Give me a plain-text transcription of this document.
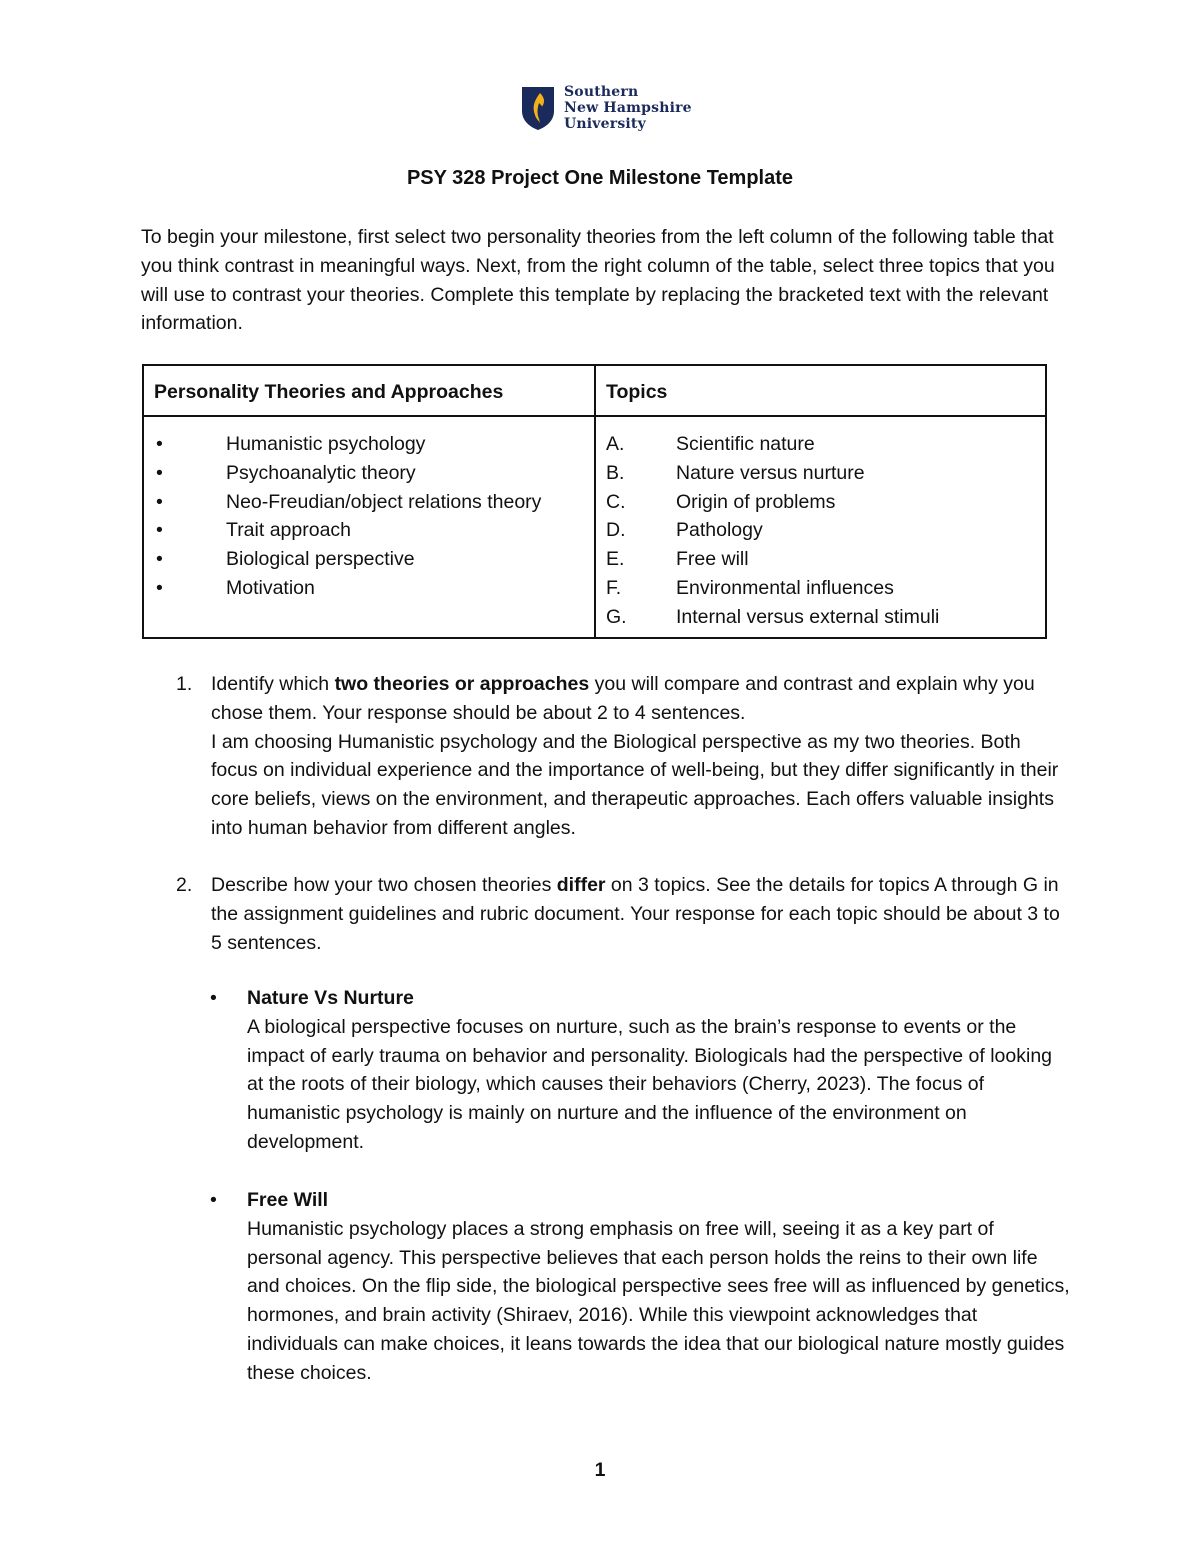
Southern
New Hampshire
University
PSY 328 Project One Milestone Template

To begin your milestone, first select two personality theories from the left column of the following table that you think contrast in meaningful ways. Next, from the right column of the table, select three topics that you will use to contrast your theories. Complete this template by replacing the bracketed text with the relevant information.

Personality Theories and Approaches	Topics
•	Humanistic psychology
•	Psychoanalytic theory
•	Neo-Freudian/object relations theory
•	Trait approach
•	Biological perspective
•	Motivation
A.	Scientific nature
B.	Nature versus nurture
C.	Origin of problems
D.	Pathology
E.	Free will
F.	Environmental influences
G.	Internal versus external stimuli
1. Identify which two theories or approaches you will compare and contrast and explain why you chose them. Your response should be about 2 to 4 sentences.
I am choosing Humanistic psychology and the Biological perspective as my two theories. Both focus on individual experience and the importance of well-being, but they differ significantly in their core beliefs, views on the environment, and therapeutic approaches. Each offers valuable insights into human behavior from different angles.
2. Describe how your two chosen theories differ on 3 topics. See the details for topics A through G in the assignment guidelines and rubric document. Your response for each topic should be about 3 to 5 sentences.
• Nature Vs Nurture
A biological perspective focuses on nurture, such as the brain’s response to events or the impact of early trauma on behavior and personality. Biologicals had the perspective of looking at the roots of their biology, which causes their behaviors (Cherry, 2023). The focus of humanistic psychology is mainly on nurture and the influence of the environment on development.
• Free Will
Humanistic psychology places a strong emphasis on free will, seeing it as a key part of personal agency. This perspective believes that each person holds the reins to their own life and choices. On the flip side, the biological perspective sees free will as influenced by genetics, hormones, and brain activity (Shiraev, 2016). While this viewpoint acknowledges that individuals can make choices, it leans towards the idea that our biological nature mostly guides these choices.
1
